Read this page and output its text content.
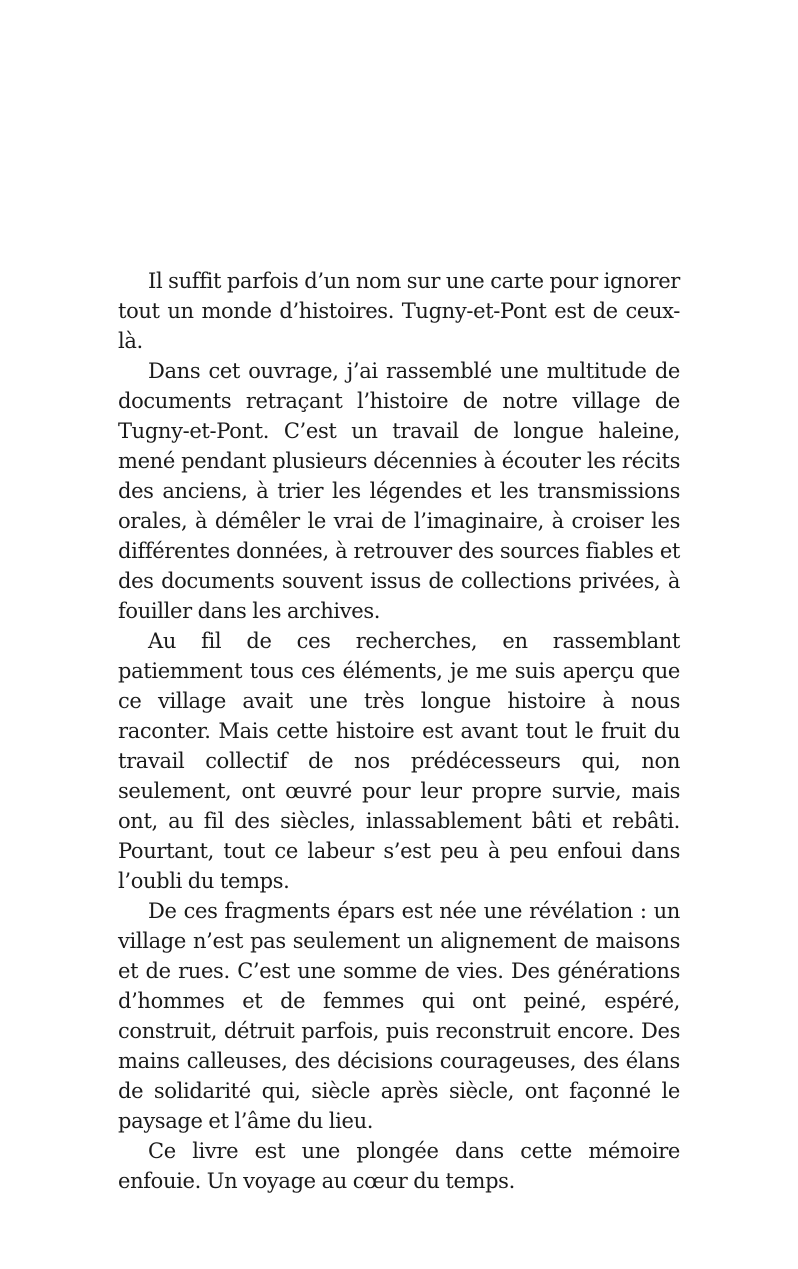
Il suffit parfois d’un nom sur une carte pour ignorer tout un monde d’histoires. Tugny-et-Pont est de ceux-là.

Dans cet ouvrage, j’ai rassemblé une multitude de documents retraçant l’histoire de notre village de Tugny-et-Pont. C’est un travail de longue haleine, mené pendant plusieurs décennies à écouter les récits des anciens, à trier les légendes et les transmissions orales, à démêler le vrai de l’imaginaire, à croiser les différentes données, à retrouver des sources fiables et des documents souvent issus de collections privées, à fouiller dans les archives.

Au fil de ces recherches, en rassemblant patiemment tous ces éléments, je me suis aperçu que ce village avait une très longue histoire à nous raconter. Mais cette histoire est avant tout le fruit du travail collectif de nos prédécesseurs qui, non seulement, ont œuvré pour leur propre survie, mais ont, au fil des siècles, inlassablement bâti et rebâti. Pourtant, tout ce labeur s’est peu à peu enfoui dans l’oubli du temps.

De ces fragments épars est née une révélation : un village n’est pas seulement un alignement de maisons et de rues. C’est une somme de vies. Des générations d’hommes et de femmes qui ont peiné, espéré, construit, détruit parfois, puis reconstruit encore. Des mains calleuses, des décisions courageuses, des élans de solidarité qui, siècle après siècle, ont façonné le paysage et l’âme du lieu.

Ce livre est une plongée dans cette mémoire enfouie. Un voyage au cœur du temps.
